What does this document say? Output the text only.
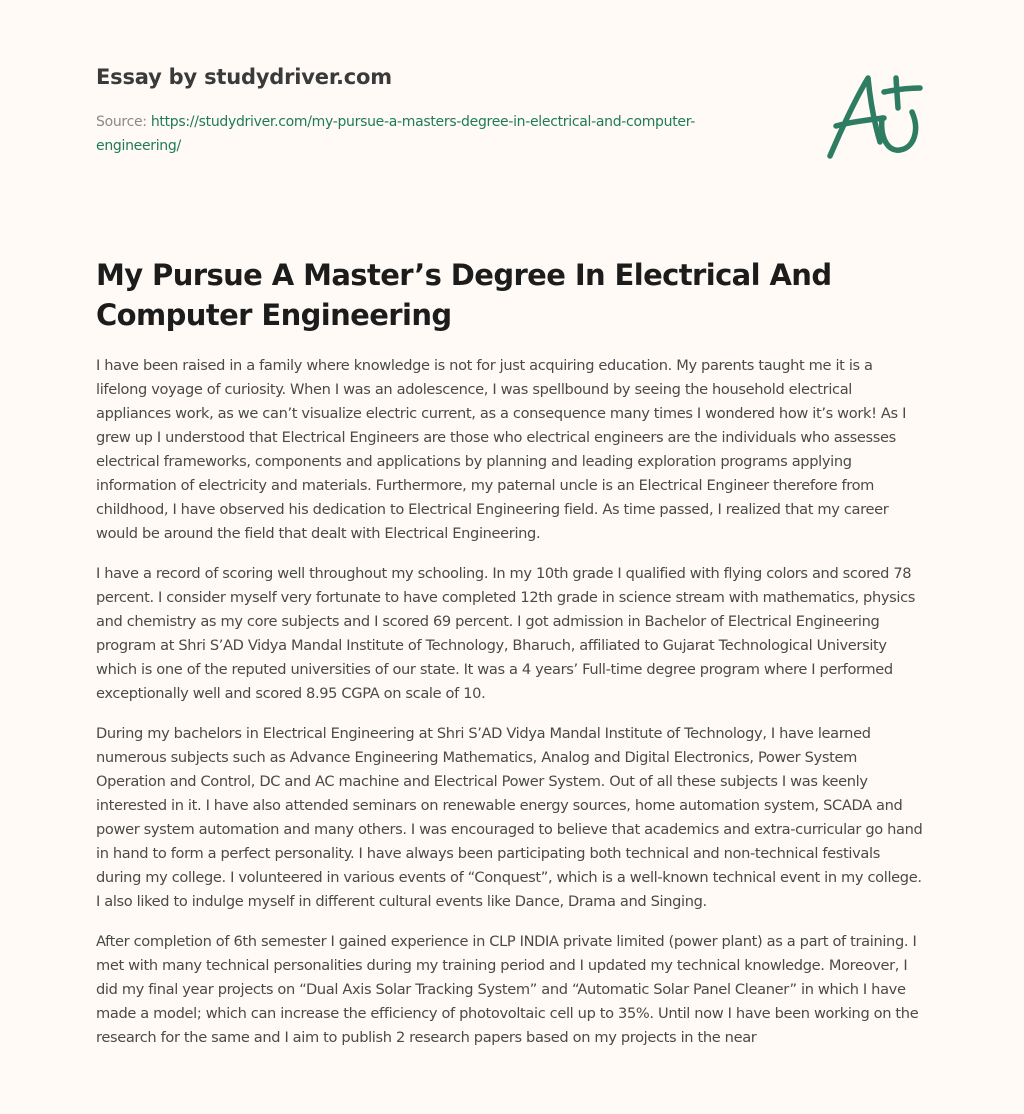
Essay by studydriver.com
Source: https://studydriver.com/my-pursue-a-masters-degree-in-electrical-and-computer-engineering/
My Pursue A Master’s Degree In Electrical And Computer Engineering

I have been raised in a family where knowledge is not for just acquiring education. My parents taught me it is a lifelong voyage of curiosity. When I was an adolescence, I was spellbound by seeing the household electrical appliances work, as we can’t visualize electric current, as a consequence many times I wondered how it’s work! As I grew up I understood that Electrical Engineers are those who electrical engineers are the individuals who assesses electrical frameworks, components and applications by planning and leading exploration programs applying information of electricity and materials. Furthermore, my paternal uncle is an Electrical Engineer therefore from childhood, I have observed his dedication to Electrical Engineering field. As time passed, I realized that my career would be around the field that dealt with Electrical Engineering.

I have a record of scoring well throughout my schooling. In my 10th grade I qualified with flying colors and scored 78 percent. I consider myself very fortunate to have completed 12th grade in science stream with mathematics, physics and chemistry as my core subjects and I scored 69 percent. I got admission in Bachelor of Electrical Engineering program at Shri S’AD Vidya Mandal Institute of Technology, Bharuch, affiliated to Gujarat Technological University which is one of the reputed universities of our state. It was a 4 years’ Full-time degree program where I performed exceptionally well and scored 8.95 CGPA on scale of 10.

During my bachelors in Electrical Engineering at Shri S’AD Vidya Mandal Institute of Technology, I have learned numerous subjects such as Advance Engineering Mathematics, Analog and Digital Electronics, Power System Operation and Control, DC and AC machine and Electrical Power System. Out of all these subjects I was keenly interested in it. I have also attended seminars on renewable energy sources, home automation system, SCADA and power system automation and many others. I was encouraged to believe that academics and extra-curricular go hand in hand to form a perfect personality. I have always been participating both technical and non-technical festivals during my college. I volunteered in various events of “Conquest”, which is a well-known technical event in my college. I also liked to indulge myself in different cultural events like Dance, Drama and Singing.

After completion of 6th semester I gained experience in CLP INDIA private limited (power plant) as a part of training. I met with many technical personalities during my training period and I updated my technical knowledge. Moreover, I did my final year projects on “Dual Axis Solar Tracking System” and “Automatic Solar Panel Cleaner” in which I have made a model; which can increase the efficiency of photovoltaic cell up to 35%. Until now I have been working on the research for the same and I aim to publish 2 research papers based on my projects in the near
